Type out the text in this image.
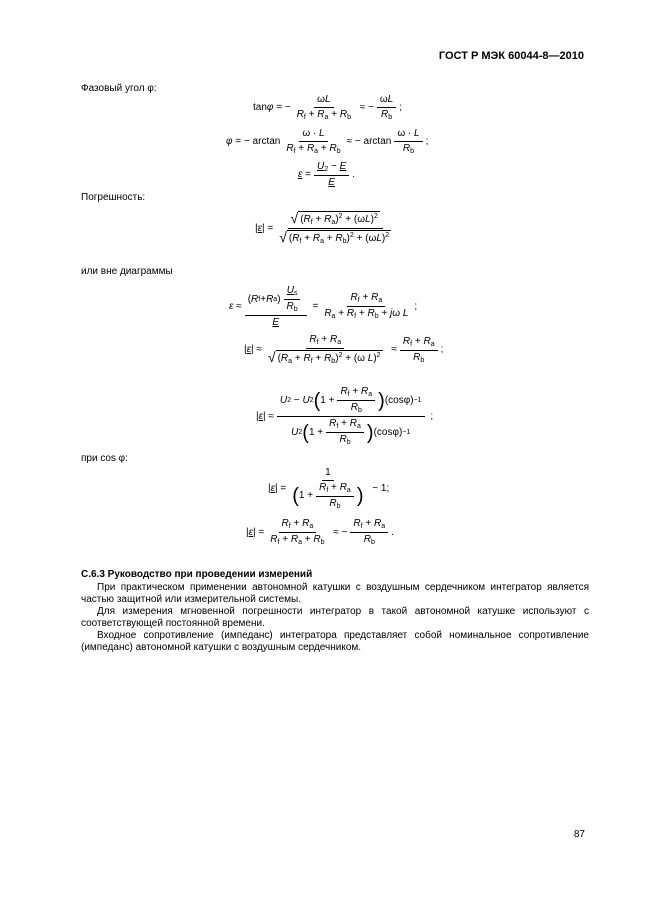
ГОСТ Р МЭК 60044-8—2010
Фазовый угол φ:
tan φ = − $\frac{\omega L}{R_f + R_a + R_b}$ ≈ − $\frac{\omega L}{R_b}$ ;
φ = − $\arctan \frac{\omega \cdot L}{R_f + R_a + R_b}$ ≈ − $\arctan \frac{\omega \cdot L}{R_b}$ ;
$\varepsilon = \frac{U_2 - E}{E}$ .
Погрешность:
| ε | = $\frac{√ (R_f + R_a)^2 + (\omega L)^2}{√ (R_f + R_a + R_b)^2 + (\omega L)^2}$
или вне диаграммы
$\varepsilon \approx \frac{( R f + R a ) \frac{U_s}{R_b}}{E} = \frac{R_f + R_a}{R_a + R_f + R_b + j\omega L}$ ;
| ε | ≈ $\frac{R_f + R_a}{√ (R_a + R_f + R_b)^2 + (\omega L)^2} \approx \frac{R_f + R_a}{R_b}$ ;
| ε | ≈ $\frac{U 2 - U 2 ( 1 + \frac{R_f + R_a}{R_b} ) (\cos\varphi) -1}{U 2 ( 1 + \frac{R_f + R_a}{R_b} ) (\cos\varphi) -1}$ ;
при cos φ:
| ε | = $\frac{1}{( 1 + \frac{R_f + R_a}{R_b} )} - 1$;
| ε | = $\frac{R_f + R_a}{R_f + R_a + R_b}$ ≈ − $\frac{R_f + R_a}{R_b}$ .
С.6.3 Руководство при проведении измерений
При практическом применении автономной катушки с воздушным сердечником интегратор является частью защитной или измерительной системы.
Для измерения мгновенной погрешности интегратор в такой автономной катушке используют с соответствующей постоянной времени.
Входное сопротивление (импеданс) интегратора представляет собой номинальное сопротивление (импеданс) автономной катушки с воздушным сердечником.
87
